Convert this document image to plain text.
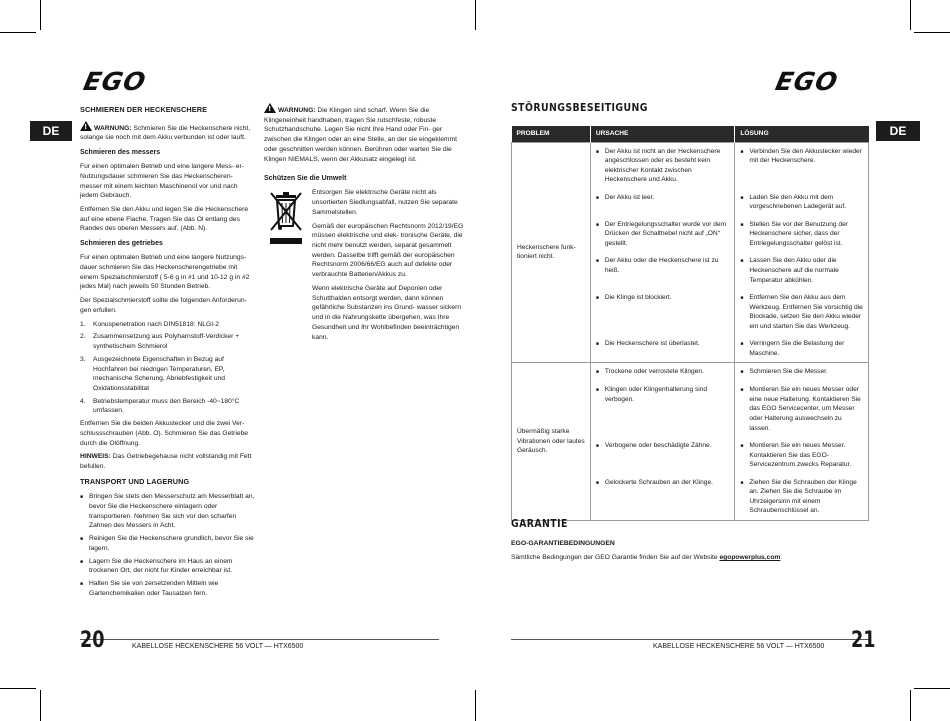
EGO	EGO
DE	DE
SCHMIEREN DER HECKENSCHERE

!WARNUNG: Schmieren Sie die Heckenschere nicht, solange sie noch mit dem Akku verbunden ist oder lauft.

Schmieren des messers

Fur einen optimalen Betrieb und eine langere Mess- er-Nutzungsdauer schmieren Sie das Heckenscheren- messer mit einem leichten Maschinenol vor und nach jedem Gebrauch.

Entfernen Sie den Akku und legen Sie die Heckenschere auf eine ebene Flache. Tragen Sie das Ol entlang des Randes des oberen Messers auf. (Abb. N).

Schmieren des getriebes

Fur einen optimalen Betrieb und eine langere Nutzungs- dauer schmieren Sie das Heckenscherengetriebe mit einem Spezialschmierstoff ( 5-6 g in #1 und 10-12 g in #2 jedes Mal) nach jeweils 50 Stunden Betrieb.

Der Spezialschmierstoff sollte die folgenden Anforderun- gen erfullen.

1.	Konuspenetration nach DIN51818: NLGI-2
2.	Zusammensetzung aus Polyharnstoff-Verdicker + synthetischem Schmierol
3.	Ausgezeichnete Eigenschaften in Bezug auf Hochfahren bei niedrigen Temperaturen, EP, mechanische Scherung, Abriebfestigkeit und Oxidationsstabilitat
4.	Betriebstemperatur muss den Bereich -40~180°C umfassen.

Entfernen Sie die beiden Akkustecker und die zwei Ver- schlussschrauben (Abb. O). Schmieren Sie das Getriebe durch die Olöffnung.

HINWEIS: Das Getriebegehause nicht vollstandig mit Fett befullen.

TRANSPORT UND LAGERUNG
■ Bringen Sie stets den Messerschutz am Messerblatt an, bevor Sie die Heckenschere einlagern oder transportieren. Nehmen Sie sich vor den scharfen Zahnen des Messers in Acht.
■ Reinigen Sie die Heckenschere grundlich, bevor Sie sie lagern.
■ Lagern Sie die Heckenschere im Haus an einem trockenen Ort, der nicht fur Kinder erreichbar ist.
■ Halten Sie sie von zersetzenden Mitteln wie Gartenchemikalien oder Tausalzen fern.

!WARNUNG: Die Klingen sind scharf. Wenn Sie die Klingeneinheit handhaben, tragen Sie rutschfeste, robuste Schutzhandschuhe. Legen Sie nicht Ihre Hand oder Fin- ger zwischen die Klingen oder an eine Stelle, an der sie eingeklemmt oder geschnitten werden können. Berühren oder warten Sie die Klingen NIEMALS, wenn der Akkusatz eingelegt ist.

Schützen Sie die Umwelt

Entsorgen Sie elektrische Geräte nicht als unsortierten Siedlungsabfall, nutzen Sie separate Sammelstellen.

Gemäß der europäischen Rechtsnorm 2012/19/EG müssen elektrische und elek- tronische Geräte, die nicht mehr benutzt werden, separat gesammelt werden. Dasselbe trifft gemäß der europäischen Rechtsnorm 2006/66/EG auch auf defekte oder verbrauchte Batterien/Akkus zu.

Wenn elektrische Geräte auf Deponien oder Schutthalden entsorgt werden, dann können gefährliche Substanzen ins Grund- wasser sickern und in die Nahrungskette übergehen, was Ihre Gesundheit und Ihr Wohlbefinden beeinträchtigen kann.

STÖRUNGSBESEITIGUNG
PROBLEM	URSACHE	LÖSUNG
Heckenschere funk- tioniert nicht.	■ Der Akku ist nicht an der Heckenschere angeschlossen oder es besteht kein elektrischer Kontakt zwischen Heckenschere und Akku.	■ Verbinden Sie den Akkustecker wieder mit der Heckenschere.

	■ Der Akku ist leer.	■ Laden Sie den Akku mit dem vorgeschriebenen Ladegerät auf.

	■ Der Entriegelungsschalter wurde vor dem Drücken der Schalthebel nicht auf „ON“ gestellt.	■ Stellen Sie vor der Benutzung der Heckenschere sicher, dass der Entriegelungsschalter gelöst ist.

	■ Der Akku oder die Heckenschere ist zu heiß.	■ Lassen Sie den Akku oder die Heckenschere auf die normale Temperatur abkühlen.

	■ Die Klinge ist blockiert.	■ Entfernen Sie den Akku aus dem Werkzeug. Entfernen Sie vorsichtig die Blockade, setzen Sie den Akku wieder ein und starten Sie das Werkzeug.

	■ Die Heckenschere ist überlastet.	■ Verringern Sie die Belastung der Maschine.

Übermäßig starke Vibrationen oder lautes Geräusch.	■ Trockene oder verrostete Klingen.	■ Schmieren Sie die Messer.

	■ Klingen oder Klingenhalterung sind verbogen.	■ Montieren Sie ein neues Messer oder eine neue Halterung. Kontaktieren Sie das EGO Servicecenter, um Messer oder Halterung auswechseln zu lassen.

	■ Verbogene oder beschädigte Zähne.	■ Montieren Sie ein neues Messer. Kontaktieren Sie das EGO- Servicezentrum zwecks Reparatur.

	■ Gelockerte Schrauben an der Klinge.	■ Ziehen Sie die Schrauben der Klinge an. Ziehen Sie die Schraube im Uhrzeigersinn mit einem Schraubenschlüssel an.
GARANTIE
EGO-GARANTIEBEDINGUNGEN
Sämtliche Bedingungen der GEO Garantie finden Sie auf der Website egopowerplus.com.
20	21
KABELLOSE HECKENSCHERE 56 VOLT — HTX6500	KABELLOSE HECKENSCHERE 56 VOLT — HTX6500
